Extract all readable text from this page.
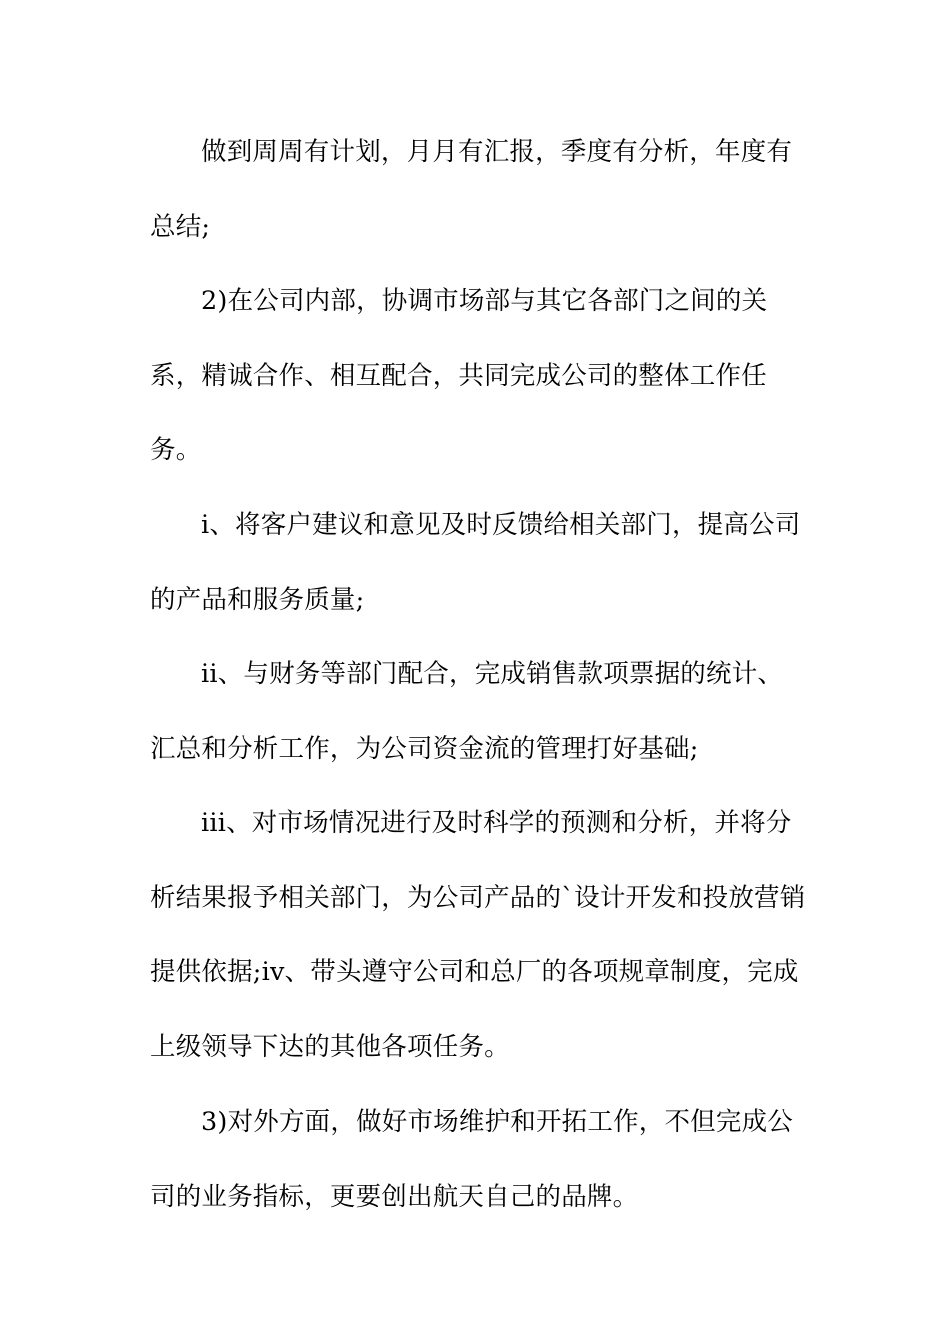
做到周周有计划，月月有汇报，季度有分析，年度有
总结;

2)在公司内部，协调市场部与其它各部门之间的关
系，精诚合作、相互配合，共同完成公司的整体工作任
务。

i、将客户建议和意见及时反馈给相关部门，提高公司
的产品和服务质量;

ii、与财务等部门配合，完成销售款项票据的统计、
汇总和分析工作，为公司资金流的管理打好基础;

iii、对市场情况进行及时科学的预测和分析，并将分
析结果报予相关部门，为公司产品的`设计开发和投放营销
提供依据;iv、带头遵守公司和总厂的各项规章制度，完成
上级领导下达的其他各项任务。

3)对外方面，做好市场维护和开拓工作，不但完成公
司的业务指标，更要创出航天自己的品牌。
